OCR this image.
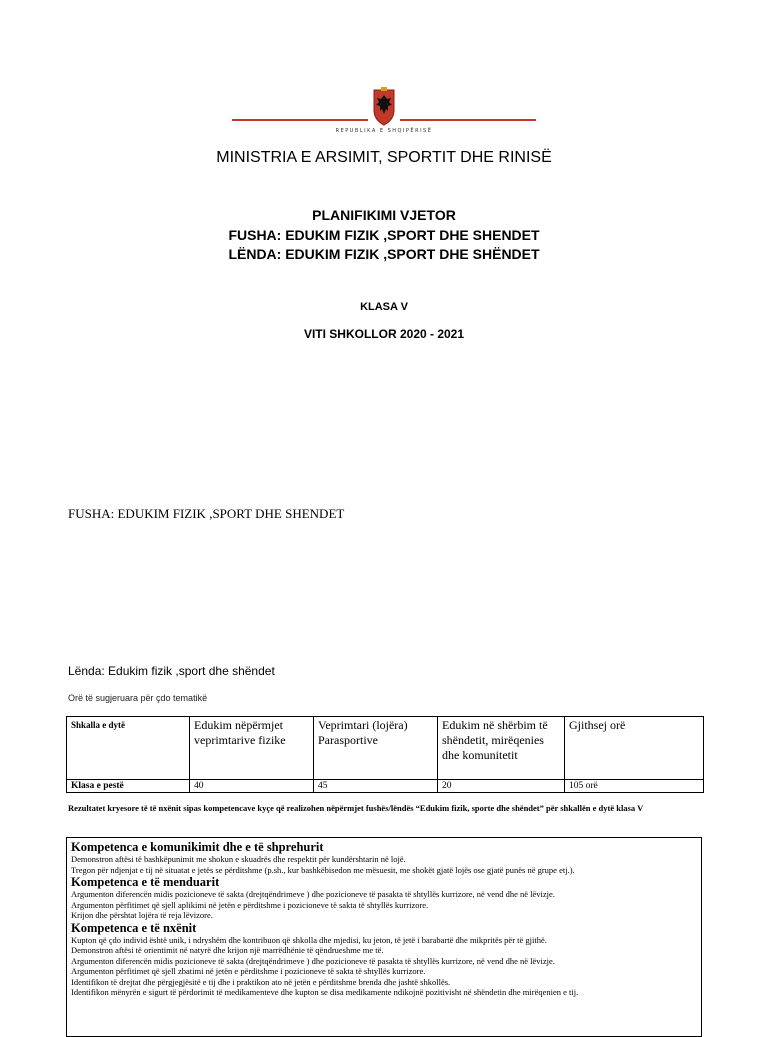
REPUBLIKA E SHQIPËRISË
MINISTRIA E ARSIMIT, SPORTIT DHE RINISË
PLANIFIKIMI VJETOR
FUSHA: EDUKIM FIZIK ,SPORT DHE SHENDET
LËNDA: EDUKIM FIZIK ,SPORT DHE SHËNDET
KLASA V
VITI SHKOLLOR 2020 - 2021
FUSHA: EDUKIM FIZIK ,SPORT DHE SHENDET
Lënda: Edukim fizik ,sport dhe shëndet
Orë të sugjeruara për çdo tematikë
Shkalla e dytë	Edukim nëpërmjet veprimtarive fizike	Veprimtari (lojëra) Parasportive	Edukim në shërbim të shëndetit, mirëqenies dhe komunitetit	Gjithsej orë
Klasa e pestë	40	45	20	105 orë
Rezultatet kryesore të të nxënit sipas kompetencave kyçe që realizohen nëpërmjet fushës/lëndës “Edukim fizik, sporte dhe shëndet” për shkallën e dytë klasa V
Kompetenca e komunikimit dhe e të shprehurit
Demonstron aftësi të bashkëpunimit me shokun e skuadrës dhe respektit për kundërshtarin në lojë.
Tregon për ndjenjat e tij në situatat e jetës se përditshme (p.sh., kur bashkëbisedon me mësuesit, me shokët gjatë lojës ose gjatë punës në grupe etj.).
Kompetenca e të menduarit
Argumenton diferencën midis pozicioneve të sakta (drejtqëndrimeve ) dhe pozicioneve të pasakta të shtyllës kurrizore, në vend dhe në lëvizje.
Argumenton përfitimet që sjell aplikimi në jetën e përditshme i pozicioneve të sakta të shtyllës kurrizore.
Krijon dhe përshtat lojëra të reja lëvizore.
Kompetenca e të nxënit
Kupton që çdo individ është unik, i ndryshëm dhe kontribuon që shkolla dhe mjedisi, ku jeton, të jetë i barabartë dhe mikpritës për të gjithë.
Demonstron aftësi të orientimit në natyrë dhe krijon një marrëdhënie të qëndrueshme me të.
Argumenton diferencën midis pozicioneve të sakta (drejtqëndrimeve ) dhe pozicioneve të pasakta të shtyllës kurrizore, në vend dhe në lëvizje.
Argumenton përfitimet që sjell zbatimi në jetën e përditshme i pozicioneve të sakta të shtyllës kurrizore.
Identifikon të drejtat dhe përgjegjësitë e tij dhe i praktikon ato në jetën e përditshme brenda dhe jashtë shkollës.
Identifikon mënyrën e sigurt të përdorimit të medikamenteve dhe kupton se disa medikamente ndikojnë pozitivisht në shëndetin dhe mirëqenien e tij.
